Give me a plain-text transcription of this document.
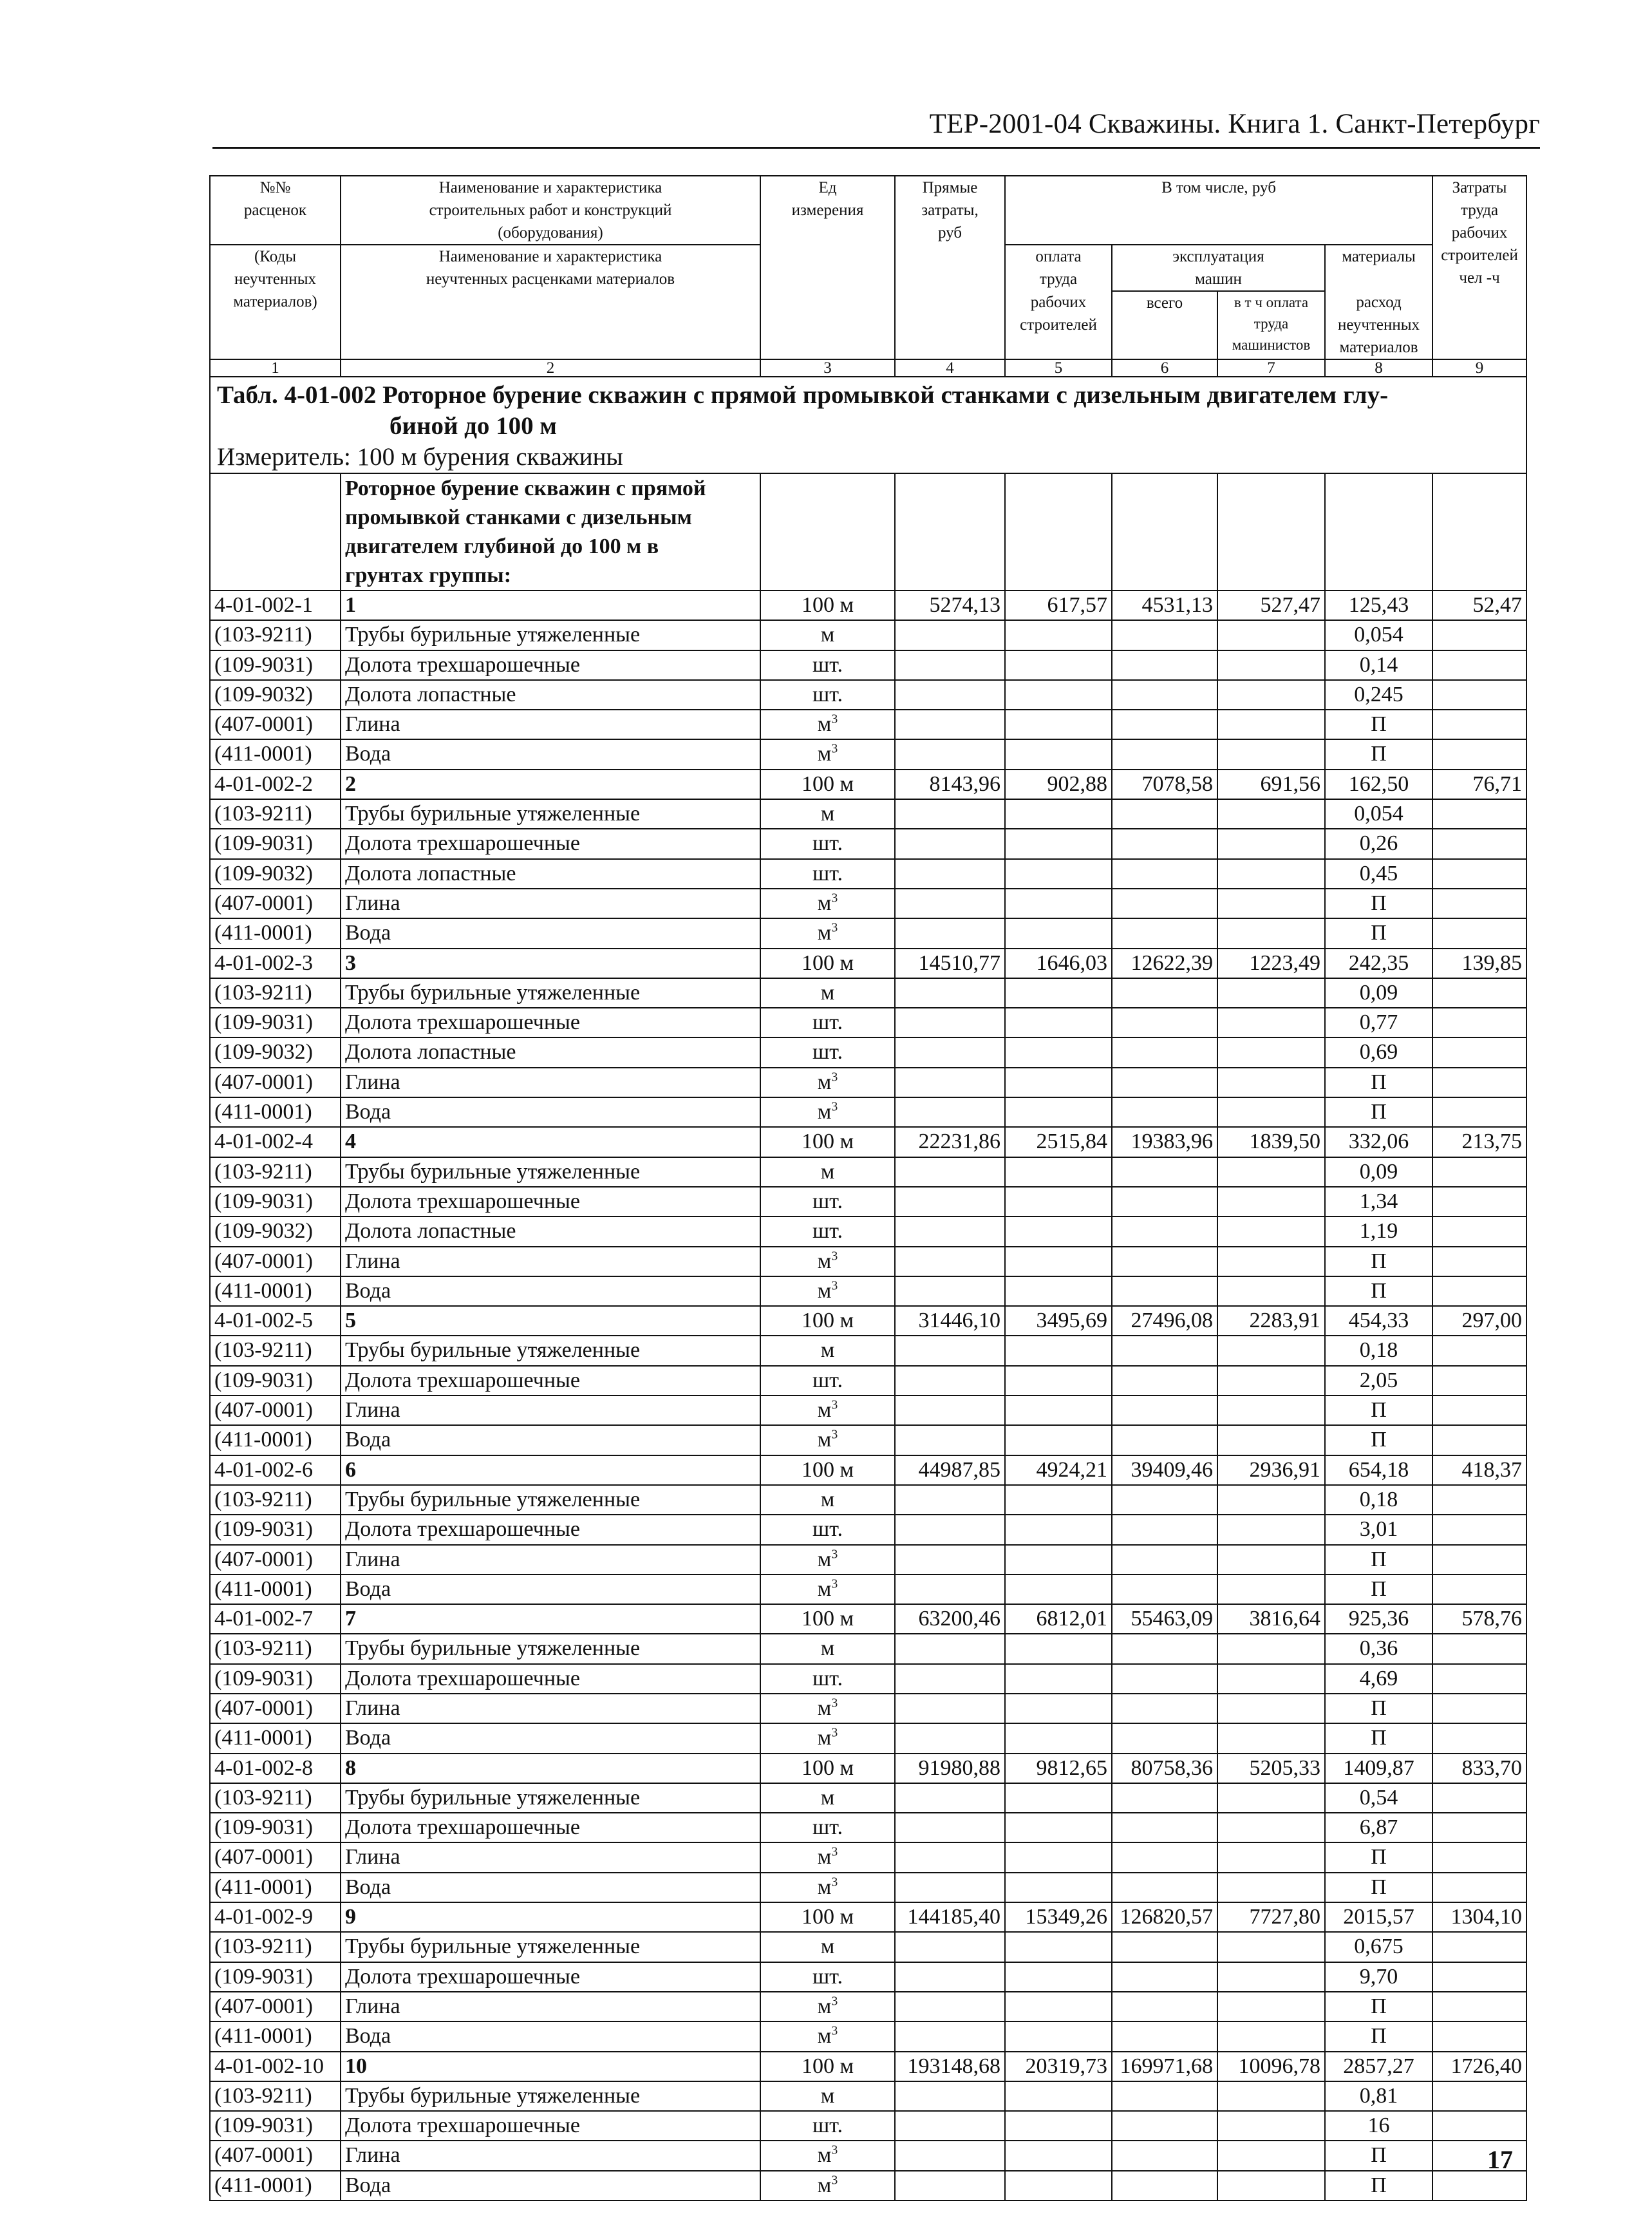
ТЕР-2001-04 Скважины. Книга 1. Санкт-Петербург
№№
расценок	Наименование и характеристика
строительных работ и конструкций
(оборудования)	Ед
измерения	Прямые
затраты,
руб	В том числе, руб				Затраты
труда
рабочих
строителей
чел -ч
(Коды
неучтенных
материалов)	Наименование и характеристика
неучтенных расценками материалов			оплата
труда	эксплуатация
машин		материалы	
				рабочих
строителей	всего	в т ч оплата
труда
машинистов	расход
неучтенных
материалов	
1	2	3	4	5	6	7	8	9

Табл. 4-01-002 Роторное бурение скважин с прямой промывкой станками с дизельным двигателем глу-
биной до 100 м
Измеритель: 100 м бурения скважины								

	Роторное бурение скважин с прямой
промывкой станками с дизельным
двигателем глубиной до 100 м в
грунтах группы:							
4-01-002-1	1	100 м	5274,13	617,57	4531,13	527,47	125,43	52,47
(103-9211)	Трубы бурильные утяжеленные	м					0,054	
(109-9031)	Долота трехшарошечные	шт.					0,14	
(109-9032)	Долота лопастные	шт.					0,245	
(407-0001)	Глина	$м^3$					П	
(411-0001)	Вода	$м^3$					П	
4-01-002-2	2	100 м	8143,96	902,88	7078,58	691,56	162,50	76,71
(103-9211)	Трубы бурильные утяжеленные	м					0,054	
(109-9031)	Долота трехшарошечные	шт.					0,26	
(109-9032)	Долота лопастные	шт.					0,45	
(407-0001)	Глина	$м^3$					П	
(411-0001)	Вода	$м^3$					П	
4-01-002-3	3	100 м	14510,77	1646,03	12622,39	1223,49	242,35	139,85
(103-9211)	Трубы бурильные утяжеленные	м					0,09	
(109-9031)	Долота трехшарошечные	шт.					0,77	
(109-9032)	Долота лопастные	шт.					0,69	
(407-0001)	Глина	$м^3$					П	
(411-0001)	Вода	$м^3$					П	
4-01-002-4	4	100 м	22231,86	2515,84	19383,96	1839,50	332,06	213,75
(103-9211)	Трубы бурильные утяжеленные	м					0,09	
(109-9031)	Долота трехшарошечные	шт.					1,34	
(109-9032)	Долота лопастные	шт.					1,19	
(407-0001)	Глина	$м^3$					П	
(411-0001)	Вода	$м^3$					П	
4-01-002-5	5	100 м	31446,10	3495,69	27496,08	2283,91	454,33	297,00
(103-9211)	Трубы бурильные утяжеленные	м					0,18	
(109-9031)	Долота трехшарошечные	шт.					2,05	
(407-0001)	Глина	$м^3$					П	
(411-0001)	Вода	$м^3$					П	
4-01-002-6	6	100 м	44987,85	4924,21	39409,46	2936,91	654,18	418,37
(103-9211)	Трубы бурильные утяжеленные	м					0,18	
(109-9031)	Долота трехшарошечные	шт.					3,01	
(407-0001)	Глина	$м^3$					П	
(411-0001)	Вода	$м^3$					П	
4-01-002-7	7	100 м	63200,46	6812,01	55463,09	3816,64	925,36	578,76
(103-9211)	Трубы бурильные утяжеленные	м					0,36	
(109-9031)	Долота трехшарошечные	шт.					4,69	
(407-0001)	Глина	$м^3$					П	
(411-0001)	Вода	$м^3$					П	
4-01-002-8	8	100 м	91980,88	9812,65	80758,36	5205,33	1409,87	833,70
(103-9211)	Трубы бурильные утяжеленные	м					0,54	
(109-9031)	Долота трехшарошечные	шт.					6,87	
(407-0001)	Глина	$м^3$					П	
(411-0001)	Вода	$м^3$					П	
4-01-002-9	9	100 м	144185,40	15349,26	126820,57	7727,80	2015,57	1304,10
(103-9211)	Трубы бурильные утяжеленные	м					0,675	
(109-9031)	Долота трехшарошечные	шт.					9,70	
(407-0001)	Глина	$м^3$					П	
(411-0001)	Вода	$м^3$					П	
4-01-002-10	10	100 м	193148,68	20319,73	169971,68	10096,78	2857,27	1726,40
(103-9211)	Трубы бурильные утяжеленные	м					0,81	
(109-9031)	Долота трехшарошечные	шт.					16	
(407-0001)	Глина	$м^3$					П	
(411-0001)	Вода	$м^3$					П	
17
